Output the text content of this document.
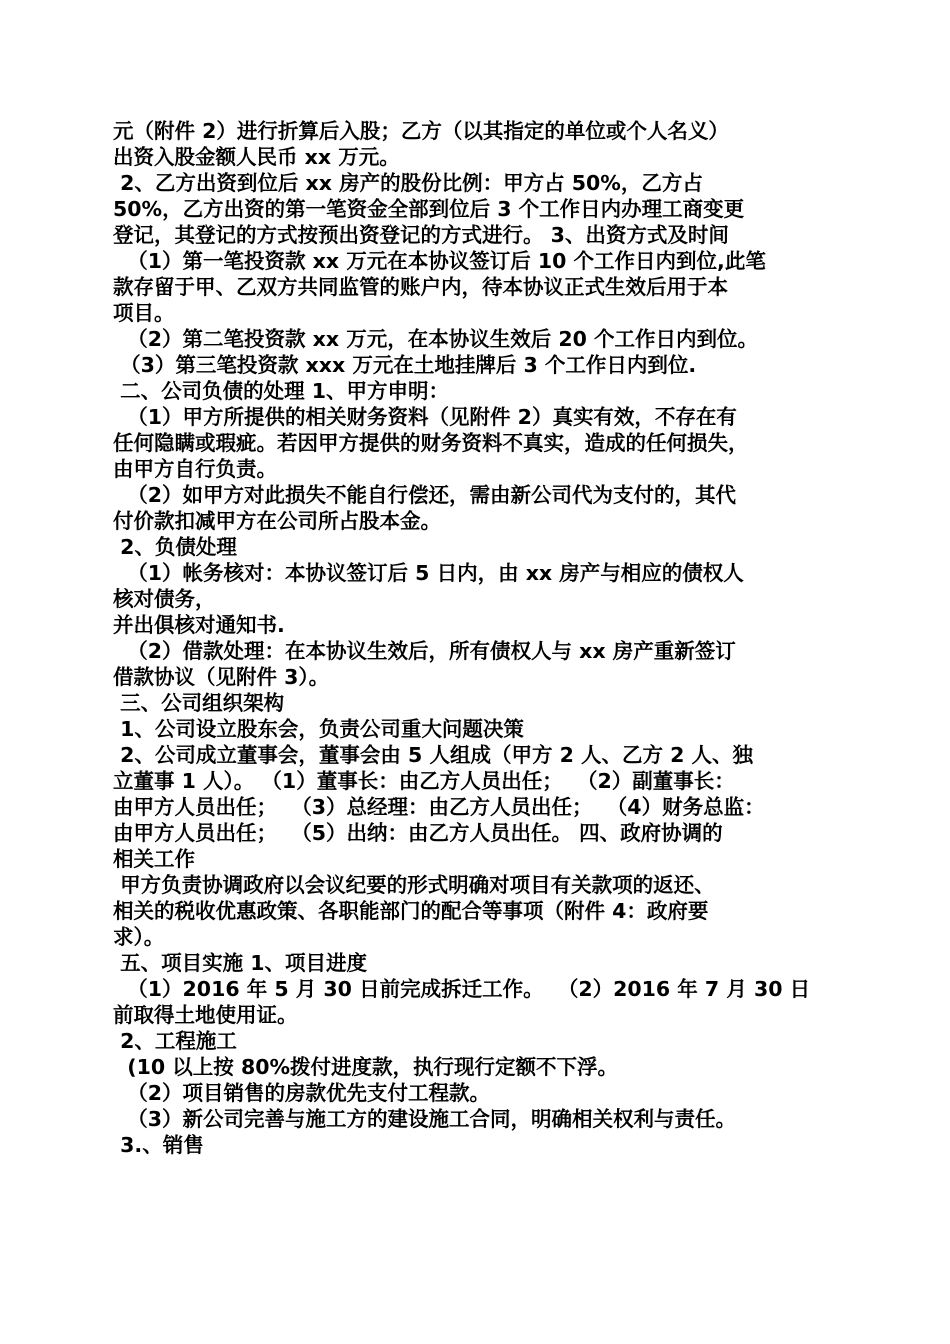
元（附件 2）进行折算后入股；乙方（以其指定的单位或个人名义）
出资入股金额人民币 xx 万元。
2、乙方出资到位后 xx 房产的股份比例：甲方占 50%，乙方占
50%，乙方出资的第一笔资金全部到位后 3 个工作日内办理工商变更
登记，其登记的方式按预出资登记的方式进行。 3、出资方式及时间
（1）第一笔投资款 xx 万元在本协议签订后 10 个工作日内到位,此笔
款存留于甲、乙双方共同监管的账户内，待本协议正式生效后用于本
项目。
（2）第二笔投资款 xx 万元，在本协议生效后 20 个工作日内到位。
（3）第三笔投资款 xxx 万元在土地挂牌后 3 个工作日内到位.
二、公司负债的处理 1、甲方申明：
（1）甲方所提供的相关财务资料（见附件 2）真实有效，不存在有
任何隐瞒或瑕疵。若因甲方提供的财务资料不真实，造成的任何损失，
由甲方自行负责。
（2）如甲方对此损失不能自行偿还，需由新公司代为支付的，其代
付价款扣减甲方在公司所占股本金。
2、负债处理
（1）帐务核对：本协议签订后 5 日内，由 xx 房产与相应的债权人
核对债务，
并出俱核对通知书.
（2）借款处理：在本协议生效后，所有债权人与 xx 房产重新签订
借款协议（见附件 3）。
三、公司组织架构
1、公司设立股东会，负责公司重大问题决策
2、公司成立董事会，董事会由 5 人组成（甲方 2 人、乙方 2 人、独
立董事 1 人）。 （1）董事长：由乙方人员出任；  （2）副董事长：
由甲方人员出任；  （3）总经理：由乙方人员出任；  （4）财务总监：
由甲方人员出任；  （5）出纳：由乙方人员出任。 四、政府协调的
相关工作
甲方负责协调政府以会议纪要的形式明确对项目有关款项的返还、
相关的税收优惠政策、各职能部门的配合等事项（附件 4：政府要
求）。
五、项目实施 1、项目进度
（1）2016 年 5 月 30 日前完成拆迁工作。  （2）2016 年 7 月 30 日
前取得土地使用证。
2、工程施工
(10 以上按 80%拨付进度款，执行现行定额不下浮。
（2）项目销售的房款优先支付工程款。
（3）新公司完善与施工方的建设施工合同，明确相关权利与责任。
3.、销售
